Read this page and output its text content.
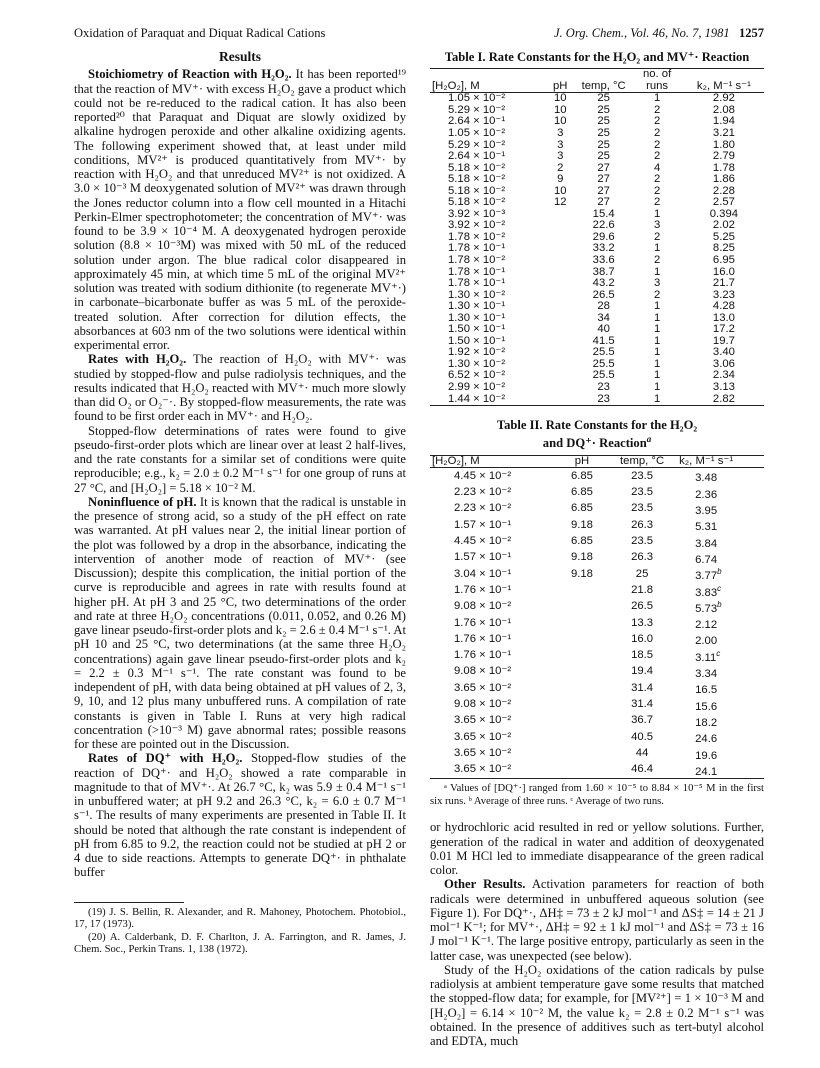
Oxidation of Paraquat and Diquat Radical Cations	J. Org. Chem., Vol. 46, No. 7, 1981 1257

Results

Stoichiometry of Reaction with H₂O₂. It has been reported¹⁹ that the reaction of MV⁺· with excess H₂O₂ gave a product which could not be re-reduced to the radical cation. It has also been reported²⁰ that Paraquat and Diquat are slowly oxidized by alkaline hydrogen peroxide and other alkaline oxidizing agents. The following experiment showed that, at least under mild conditions, MV²⁺ is produced quantitatively from MV⁺· by reaction with H₂O₂ and that unreduced MV²⁺ is not oxidized. A 3.0 × 10⁻³ M deoxygenated solution of MV²⁺ was drawn through the Jones reductor column into a flow cell mounted in a Hitachi Perkin-Elmer spectrophotometer; the concentration of MV⁺· was found to be 3.9 × 10⁻⁴ M. A deoxygenated hydrogen peroxide solution (8.8 × 10⁻³M) was mixed with 50 mL of the reduced solution under argon. The blue radical color disappeared in approximately 45 min, at which time 5 mL of the original MV²⁺ solution was treated with sodium dithionite (to regenerate MV⁺·) in carbonate–bicarbonate buffer as was 5 mL of the peroxide-treated solution. After correction for dilution effects, the absorbances at 603 nm of the two solutions were identical within experimental error.

Rates with H₂O₂. The reaction of H₂O₂ with MV⁺· was studied by stopped-flow and pulse radiolysis techniques, and the results indicated that H₂O₂ reacted with MV⁺· much more slowly than did O₂ or O₂⁻·. By stopped-flow measurements, the rate was found to be first order each in MV⁺· and H₂O₂.

Stopped-flow determinations of rates were found to give pseudo-first-order plots which are linear over at least 2 half-lives, and the rate constants for a similar set of conditions were quite reproducible; e.g., k₂ = 2.0 ± 0.2 M⁻¹ s⁻¹ for one group of runs at 27 °C, and [H₂O₂] = 5.18 × 10⁻² M.

Noninfluence of pH. It is known that the radical is unstable in the presence of strong acid, so a study of the pH effect on rate was warranted. At pH values near 2, the initial linear portion of the plot was followed by a drop in the absorbance, indicating the intervention of another mode of reaction of MV⁺· (see Discussion); despite this complication, the initial portion of the curve is reproducible and agrees in rate with results found at higher pH. At pH 3 and 25 °C, two determinations of the order and rate at three H₂O₂ concentrations (0.011, 0.052, and 0.26 M) gave linear pseudo-first-order plots and k₂ = 2.6 ± 0.4 M⁻¹ s⁻¹. At pH 10 and 25 °C, two determinations (at the same three H₂O₂ concentrations) again gave linear pseudo-first-order plots and k₂ = 2.2 ± 0.3 M⁻¹ s⁻¹. The rate constant was found to be independent of pH, with data being obtained at pH values of 2, 3, 9, 10, and 12 plus many unbuffered runs. A compilation of rate constants is given in Table I. Runs at very high radical concentration (>10⁻³ M) gave abnormal rates; possible reasons for these are pointed out in the Discussion.

Rates of DQ⁺ with H₂O₂. Stopped-flow studies of the reaction of DQ⁺· and H₂O₂ showed a rate comparable in magnitude to that of MV⁺·. At 26.7 °C, k₂ was 5.9 ± 0.4 M⁻¹ s⁻¹ in unbuffered water; at pH 9.2 and 26.3 °C, k₂ = 6.0 ± 0.7 M⁻¹ s⁻¹. The results of many experiments are presented in Table II. It should be noted that although the rate constant is independent of pH from 6.85 to 9.2, the reaction could not be studied at pH 2 or 4 due to side reactions. Attempts to generate DQ⁺· in phthalate buffer

(19) J. S. Bellin, R. Alexander, and R. Mahoney, Photochem. Photobiol., 17, 17 (1973).
(20) A. Calderbank, D. F. Charlton, J. A. Farrington, and R. James, J. Chem. Soc., Perkin Trans. 1, 138 (1972).

Table I. Rate Constants for the H₂O₂ and MV⁺· Reaction

[H₂O₂], M	pH	temp, °C	no. of runs	k₂, M⁻¹ s⁻¹
1.05 × 10⁻²	10	25	1	2.92
5.29 × 10⁻²	10	25	2	2.08
2.64 × 10⁻¹	10	25	2	1.94
1.05 × 10⁻²	3	25	2	3.21
5.29 × 10⁻²	3	25	2	1.80
2.64 × 10⁻¹	3	25	2	2.79
5.18 × 10⁻²	2	27	4	1.78
5.18 × 10⁻²	9	27	2	1.86
5.18 × 10⁻²	10	27	2	2.28
5.18 × 10⁻²	12	27	2	2.57
3.92 × 10⁻³		15.4	1	0.394
3.92 × 10⁻²		22.6	3	2.02
1.78 × 10⁻²		29.6	2	5.25
1.78 × 10⁻¹		33.2	1	8.25
1.78 × 10⁻²		33.6	2	6.95
1.78 × 10⁻¹		38.7	1	16.0
1.78 × 10⁻¹		43.2	3	21.7
1.30 × 10⁻²		26.5	2	3.23
1.30 × 10⁻¹		28	1	4.28
1.30 × 10⁻¹		34	1	13.0
1.50 × 10⁻¹		40	1	17.2
1.50 × 10⁻¹		41.5	1	19.7
1.92 × 10⁻²		25.5	1	3.40
1.30 × 10⁻²		25.5	1	3.06
6.52 × 10⁻²		25.5	1	2.34
2.99 × 10⁻²		23	1	3.13
1.44 × 10⁻²		23	1	2.82

Table II. Rate Constants for the H₂O₂ and DQ⁺· Reaction$^a$

[H₂O₂], M	pH	temp, °C	k₂, M⁻¹ s⁻¹
4.45 × 10⁻²	6.85	23.5	3.48
2.23 × 10⁻²	6.85	23.5	2.36
2.23 × 10⁻²	6.85	23.5	3.95
1.57 × 10⁻¹	9.18	26.3	5.31
4.45 × 10⁻²	6.85	23.5	3.84
1.57 × 10⁻¹	9.18	26.3	6.74
3.04 × 10⁻¹	9.18	25	3.77$^b$
1.76 × 10⁻¹		21.8	3.83$^c$
9.08 × 10⁻²		26.5	5.73$^b$
1.76 × 10⁻¹		13.3	2.12
1.76 × 10⁻¹		16.0	2.00
1.76 × 10⁻¹		18.5	3.11$^c$
9.08 × 10⁻²		19.4	3.34
3.65 × 10⁻²		31.4	16.5
9.08 × 10⁻²		31.4	15.6
3.65 × 10⁻²		36.7	18.2
3.65 × 10⁻²		40.5	24.6
3.65 × 10⁻²		44	19.6
3.65 × 10⁻²		46.4	24.1

ᵃ Values of [DQ⁺·] ranged from 1.60 × 10⁻⁵ to 8.84 × 10⁻⁵ M in the first six runs. ᵇ Average of three runs. ᶜ Average of two runs.

or hydrochloric acid resulted in red or yellow solutions. Further, generation of the radical in water and addition of deoxygenated 0.01 M HCl led to immediate disappearance of the green radical color.

Other Results. Activation parameters for reaction of both radicals were determined in unbuffered aqueous solution (see Figure 1). For DQ⁺·, ΔH‡ = 73 ± 2 kJ mol⁻¹ and ΔS‡ = 14 ± 21 J mol⁻¹ K⁻¹; for MV⁺·, ΔH‡ = 92 ± 1 kJ mol⁻¹ and ΔS‡ = 73 ± 16 J mol⁻¹ K⁻¹. The large positive entropy, particularly as seen in the latter case, was unexpected (see below).

Study of the H₂O₂ oxidations of the cation radicals by pulse radiolysis at ambient temperature gave some results that matched the stopped-flow data; for example, for [MV²⁺] = 1 × 10⁻³ M and [H₂O₂] = 6.14 × 10⁻² M, the value k₂ = 2.8 ± 0.2 M⁻¹ s⁻¹ was obtained. In the presence of additives such as tert-butyl alcohol and EDTA, much
